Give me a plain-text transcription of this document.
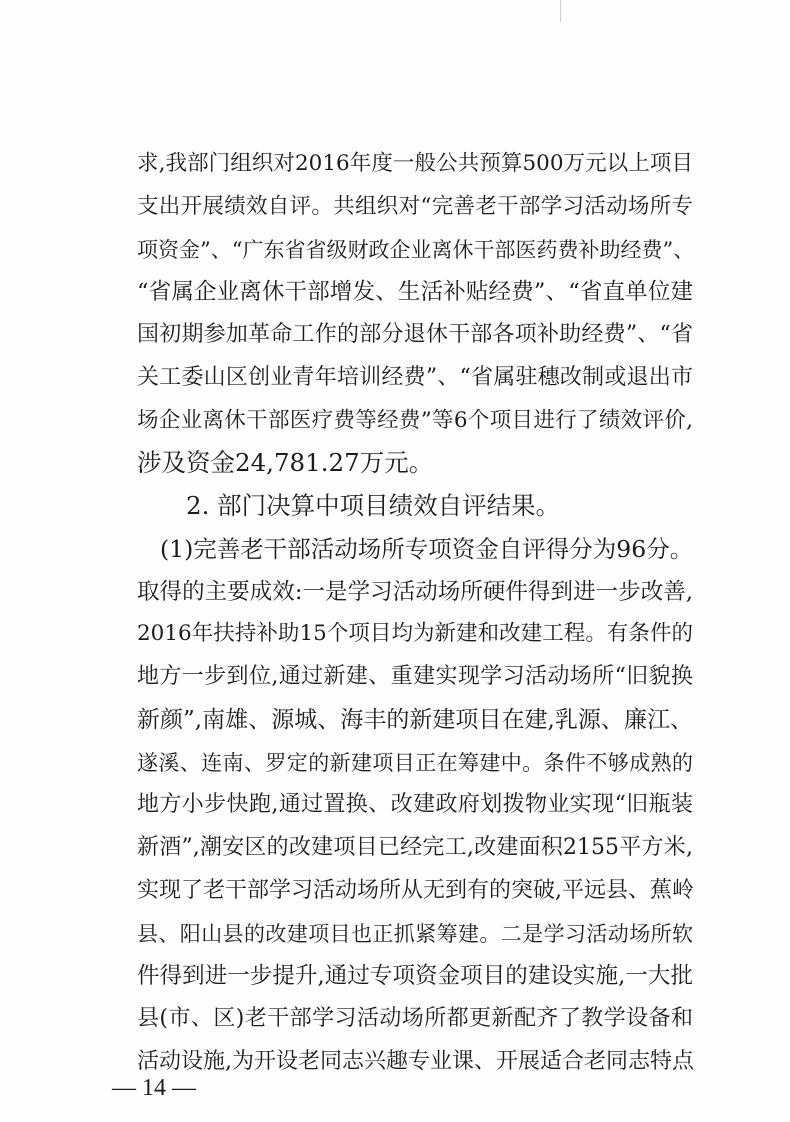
求,我部门组织对2016年度一般公共预算500万元以上项目
支出开展绩效自评。共组织对“完善老干部学习活动场所专
项资金”、“广东省省级财政企业离休干部医药费补助经费”、
“省属企业离休干部增发、生活补贴经费”、“省直单位建
国初期参加革命工作的部分退休干部各项补助经费”、“省
关工委山区创业青年培训经费”、“省属驻穗改制或退出市
场企业离休干部医疗费等经费”等6个项目进行了绩效评价,
涉及资金24,781.27万元。
2. 部门决算中项目绩效自评结果。
(1)完善老干部活动场所专项资金自评得分为96分。
取得的主要成效:一是学习活动场所硬件得到进一步改善,
2016年扶持补助15个项目均为新建和改建工程。有条件的
地方一步到位,通过新建、重建实现学习活动场所“旧貌换
新颜”,南雄、源城、海丰的新建项目在建,乳源、廉江、
遂溪、连南、罗定的新建项目正在筹建中。条件不够成熟的
地方小步快跑,通过置换、改建政府划拨物业实现“旧瓶装
新酒”,潮安区的改建项目已经完工,改建面积2155平方米,
实现了老干部学习活动场所从无到有的突破,平远县、蕉岭
县、阳山县的改建项目也正抓紧筹建。二是学习活动场所软
件得到进一步提升,通过专项资金项目的建设实施,一大批
县(市、区)老干部学习活动场所都更新配齐了教学设备和
活动设施,为开设老同志兴趣专业课、开展适合老同志特点
— 14 —
